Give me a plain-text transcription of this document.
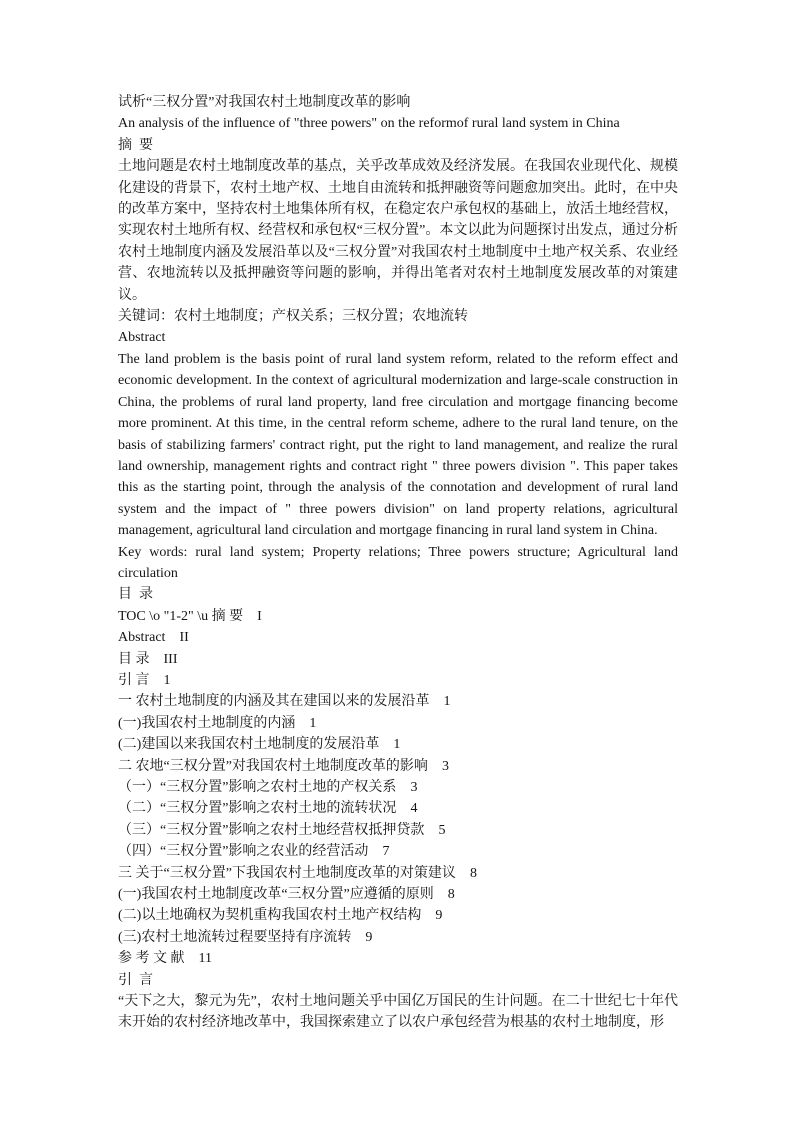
试析“三权分置”对我国农村土地制度改革的影响
An analysis of the influence of "three powers" on the reformof rural land system in China
摘  要
土地问题是农村土地制度改革的基点，关乎改革成效及经济发展。在我国农业现代化、规模化建设的背景下，农村土地产权、土地自由流转和抵押融资等问题愈加突出。此时，在中央的改革方案中，坚持农村土地集体所有权，在稳定农户承包权的基础上，放活土地经营权，实现农村土地所有权、经营权和承包权“三权分置”。本文以此为问题探讨出发点，通过分析农村土地制度内涵及发展沿革以及“三权分置”对我国农村土地制度中土地产权关系、农业经营、农地流转以及抵押融资等问题的影响，并得出笔者对农村土地制度发展改革的对策建议。
关键词：农村土地制度；产权关系；三权分置；农地流转
Abstract
The land problem is the basis point of rural land system reform, related to the reform effect and economic development. In the context of agricultural modernization and large-scale construction in China, the problems of rural land property, land free circulation and mortgage financing become more prominent. At this time, in the central reform scheme, adhere to the rural land tenure, on the basis of stabilizing farmers' contract right, put the right to land management, and realize the rural land ownership, management rights and contract right " three powers division ". This paper takes this as the starting point, through the analysis of the connotation and development of rural land system and the impact of " three powers division" on land property relations, agricultural management, agricultural land circulation and mortgage financing in rural land system in China.
Key words: rural land system; Property relations; Three powers structure; Agricultural land circulation
目  录
TOC \o "1-2" \u 摘 要 I
Abstract II
目 录 III
引 言 1
一 农村土地制度的内涵及其在建国以来的发展沿革 1
(一)我国农村土地制度的内涵 1
(二)建国以来我国农村土地制度的发展沿革 1
二 农地“三权分置”对我国农村土地制度改革的影响 3
（一）“三权分置”影响之农村土地的产权关系 3
（二）“三权分置”影响之农村土地的流转状况 4
（三）“三权分置”影响之农村土地经营权抵押贷款 5
（四）“三权分置”影响之农业的经营活动 7
三 关于“三权分置”下我国农村土地制度改革的对策建议 8
(一)我国农村土地制度改革“三权分置”应遵循的原则 8
(二)以土地确权为契机重构我国农村土地产权结构 9
(三)农村土地流转过程要坚持有序流转 9
参 考 文 献 11
引  言
“天下之大，黎元为先”，农村土地问题关乎中国亿万国民的生计问题。在二十世纪七十年代末开始的农村经济地改革中，我国探索建立了以农户承包经营为根基的农村土地制度，形
